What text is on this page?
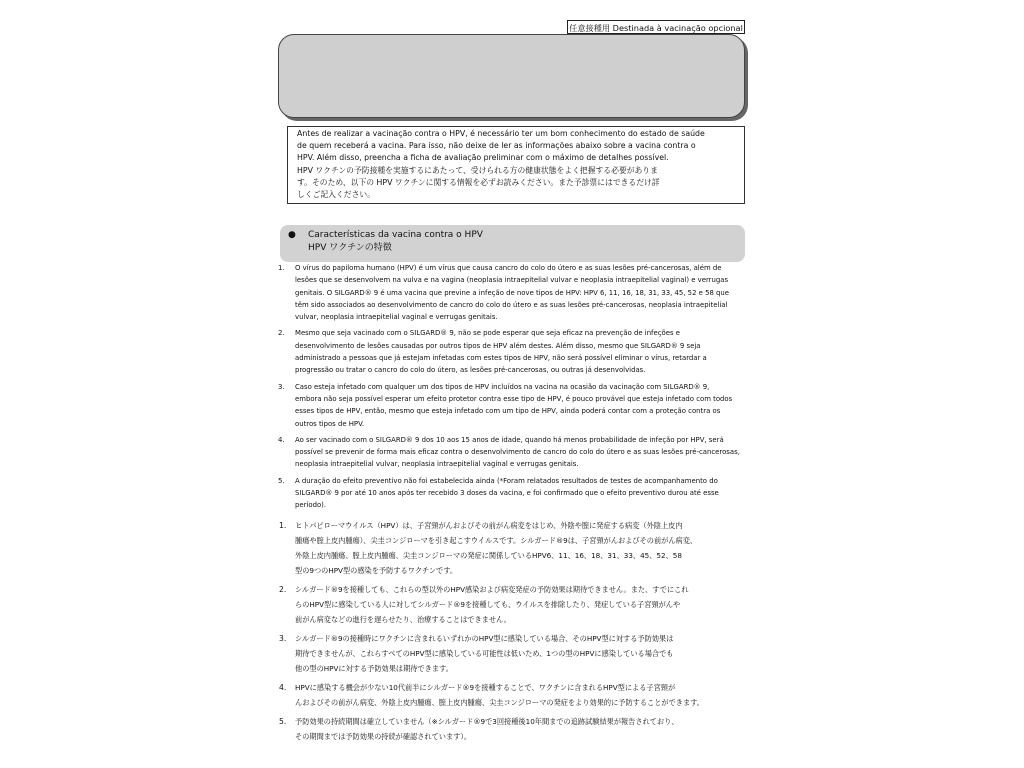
任意接種用 Destinada à vacinação opcional
Antes de realizar a vacinação contra o HPV, é necessário ter um bom conhecimento do estado de saúde
de quem receberá a vacina. Para isso, não deixe de ler as informações abaixo sobre a vacina contra o
HPV. Além disso, preencha a ficha de avaliação preliminar com o máximo de detalhes possível.
HPV ワクチンの予防接種を実施するにあたって、受けられる方の健康状態をよく把握する必要がありま
す。そのため、以下の HPV ワクチンに関する情報を必ずお読みください。また予診票にはできるだけ詳
しくご記入ください。
● Características da vacina contra o HPV
HPV ワクチンの特徴
1. O vírus do papiloma humano (HPV) é um vírus que causa cancro do colo do útero e as suas lesões pré-cancerosas, além de
lesões que se desenvolvem na vulva e na vagina (neoplasia intraepitelial vulvar e neoplasia intraepitelial vaginal) e verrugas
genitais. O SILGARD® 9 é uma vacina que previne a infeção de nove tipos de HPV: HPV 6, 11, 16, 18, 31, 33, 45, 52 e 58 que
têm sido associados ao desenvolvimento de cancro do colo do útero e as suas lesões pré-cancerosas, neoplasia intraepitelial
vulvar, neoplasia intraepitelial vaginal e verrugas genitais.
2. Mesmo que seja vacinado com o SILGARD® 9, não se pode esperar que seja eficaz na prevenção de infeções e
desenvolvimento de lesões causadas por outros tipos de HPV além destes. Além disso, mesmo que SILGARD® 9 seja
administrado a pessoas que já estejam infetadas com estes tipos de HPV, não será possível eliminar o vírus, retardar a
progressão ou tratar o cancro do colo do útero, as lesões pré-cancerosas, ou outras já desenvolvidas.
3. Caso esteja infetado com qualquer um dos tipos de HPV incluídos na vacina na ocasião da vacinação com SILGARD® 9,
embora não seja possível esperar um efeito protetor contra esse tipo de HPV, é pouco provável que esteja infetado com todos
esses tipos de HPV, então, mesmo que esteja infetado com um tipo de HPV, ainda poderá contar com a proteção contra os
outros tipos de HPV.
4. Ao ser vacinado com o SILGARD® 9 dos 10 aos 15 anos de idade, quando há menos probabilidade de infeção por HPV, será
possível se prevenir de forma mais eficaz contra o desenvolvimento de cancro do colo do útero e as suas lesões pré-cancerosas,
neoplasia intraepitelial vulvar, neoplasia intraepitelial vaginal e verrugas genitais.
5. A duração do efeito preventivo não foi estabelecida ainda (*Foram relatados resultados de testes de acompanhamento do
SILGARD® 9 por até 10 anos após ter recebido 3 doses da vacina, e foi confirmado que o efeito preventivo durou até esse
período).
1. ヒトパピローマウイルス（HPV）は、子宮頸がんおよびその前がん病変をはじめ、外陰や膣に発症する病変（外陰上皮内
腫瘍や膣上皮内腫瘍）、尖圭コンジローマを引き起こすウイルスです。シルガード®9は、子宮頸がんおよびその前がん病変、
外陰上皮内腫瘍、膣上皮内腫瘍、尖圭コンジローマの発症に関係しているHPV6、11、16、18、31、33、45、52、58
型の9つのHPV型の感染を予防するワクチンです。
2. シルガード®9を接種しても、これらの型以外のHPV感染および病変発症の予防効果は期待できません。また、すでにこれ
らのHPV型に感染している人に対してシルガード®9を接種しても、ウイルスを排除したり、発症している子宮頸がんや
前がん病変などの進行を遅らせたり、治療することはできません。
3. シルガード®9の接種時にワクチンに含まれるいずれかのHPV型に感染している場合、そのHPV型に対する予防効果は
期待できませんが、これらすべてのHPV型に感染している可能性は低いため、1つの型のHPVに感染している場合でも
他の型のHPVに対する予防効果は期待できます。
4. HPVに感染する機会が少ない10代前半にシルガード®9を接種することで、ワクチンに含まれるHPV型による子宮頸が
んおよびその前がん病変、外陰上皮内腫瘍、膣上皮内腫瘍、尖圭コンジローマの発症をより効果的に予防することができます。
5. 予防効果の持続期間は確立していません（※シルガード®9で3回接種後10年間までの追跡試験結果が報告されており、
その期間までは予防効果の持続が確認されています）。
